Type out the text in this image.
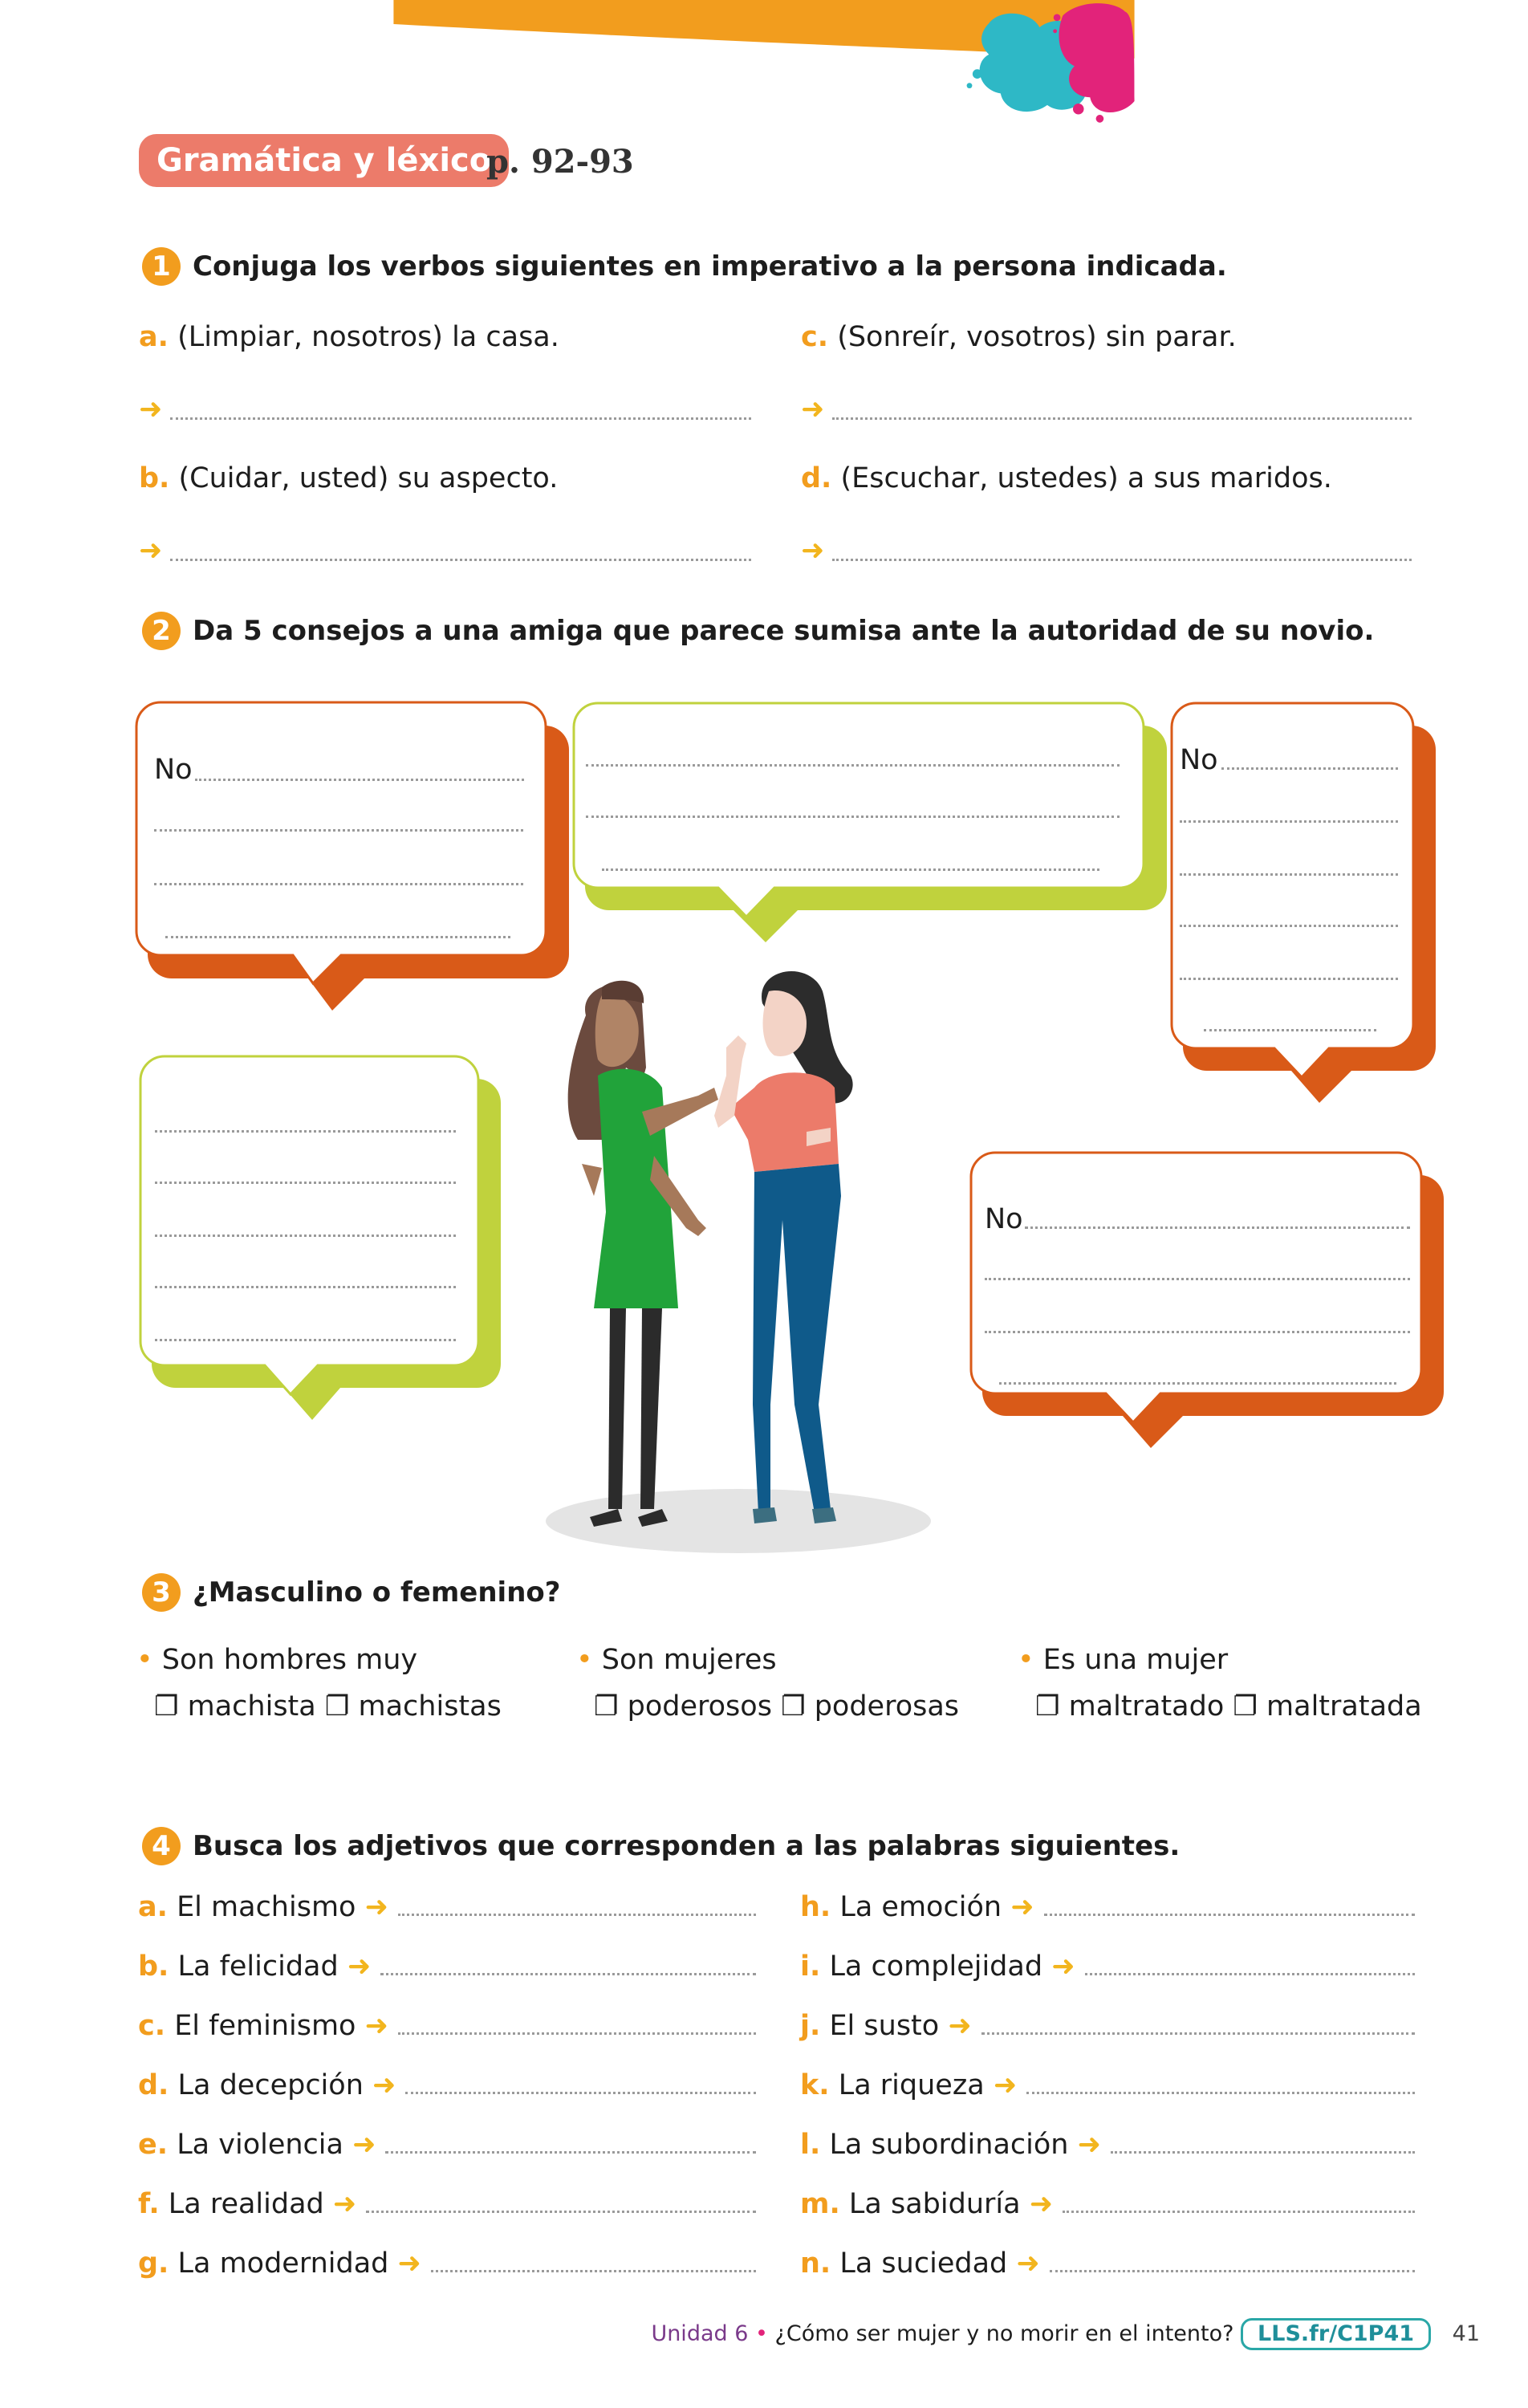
Gramática y léxico
p. 92-93
1 Conjuga los verbos siguientes en imperativo a la persona indicada.
a. (Limpiar, nosotros) la casa.
➜
b. (Cuidar, usted) su aspecto.
➜
c. (Sonreír, vosotros) sin parar.
➜
d. (Escuchar, ustedes) a sus maridos.
➜
2 Da 5 consejos a una amiga que parece sumisa ante la autoridad de su novio.
No	No
No
3 ¿Masculino o femenino?
• Son hombres muy
❐ machista ❐ machistas
• Son mujeres
❐ poderosos ❐ poderosas
• Es una mujer
❐ maltratado ❐ maltratada
4 Busca los adjetivos que corresponden a las palabras siguientes.
a. El machismo ➜
b. La felicidad ➜
c. El feminismo ➜
d. La decepción ➜
e. La violencia ➜
f. La realidad ➜
g. La modernidad ➜
h. La emoción ➜
i. La complejidad ➜
j. El susto ➜
k. La riqueza ➜
l. La subordinación ➜
m. La sabiduría ➜
n. La suciedad ➜
Unidad 6 • ¿Cómo ser mujer y no morir en el intento? LLS.fr/C1P41 41
